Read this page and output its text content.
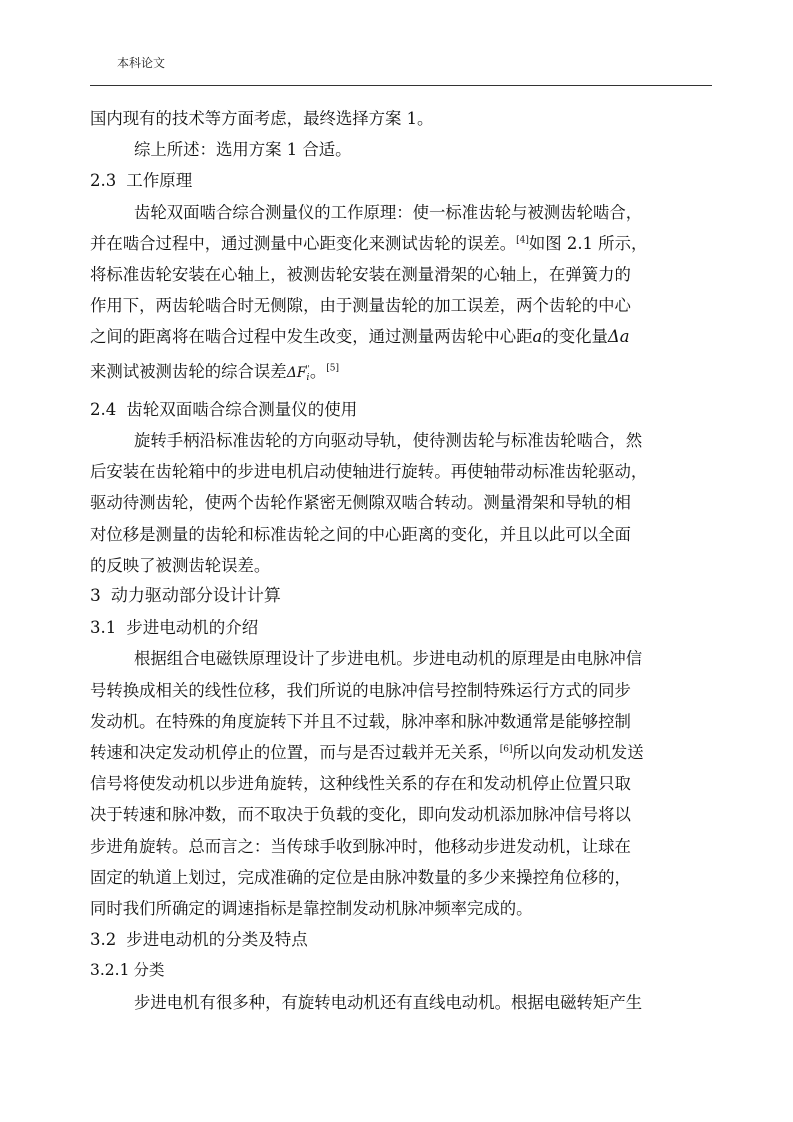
本科论文

国内现有的技术等方面考虑，最终选择方案 1。

综上所述：选用方案 1 合适。

2.3 工作原理

齿轮双面啮合综合测量仪的工作原理：使一标准齿轮与被测齿轮啮合，

并在啮合过程中，通过测量中心距变化来测试齿轮的误差。[4]如图 2.1 所示，

将标准齿轮安装在心轴上，被测齿轮安装在测量滑架的心轴上，在弹簧力的

作用下，两齿轮啮合时无侧隙，由于测量齿轮的加工误差，两个齿轮的中心

之间的距离将在啮合过程中发生改变，通过测量两齿轮中心距a的变化量Δa

来测试被测齿轮的综合误差$\Delta F_i''$。[5]

2.4 齿轮双面啮合综合测量仪的使用

旋转手柄沿标准齿轮的方向驱动导轨，使待测齿轮与标准齿轮啮合，然

后安装在齿轮箱中的步进电机启动使轴进行旋转。再使轴带动标准齿轮驱动，

驱动待测齿轮，使两个齿轮作紧密无侧隙双啮合转动。测量滑架和导轨的相

对位移是测量的齿轮和标准齿轮之间的中心距离的变化，并且以此可以全面

的反映了被测齿轮误差。

3 动力驱动部分设计计算
3.1 步进电动机的介绍

根据组合电磁铁原理设计了步进电机。步进电动机的原理是由电脉冲信

号转换成相关的线性位移，我们所说的电脉冲信号控制特殊运行方式的同步

发动机。在特殊的角度旋转下并且不过载，脉冲率和脉冲数通常是能够控制

转速和决定发动机停止的位置，而与是否过载并无关系，[6]所以向发动机发送

信号将使发动机以步进角旋转，这种线性关系的存在和发动机停止位置只取

决于转速和脉冲数，而不取决于负载的变化，即向发动机添加脉冲信号将以

步进角旋转。总而言之：当传球手收到脉冲时，他移动步进发动机，让球在

固定的轨道上划过，完成准确的定位是由脉冲数量的多少来操控角位移的，

同时我们所确定的调速指标是靠控制发动机脉冲频率完成的。

3.2 步进电动机的分类及特点
3.2.1 分类

步进电机有很多种，有旋转电动机还有直线电动机。根据电磁转矩产生
